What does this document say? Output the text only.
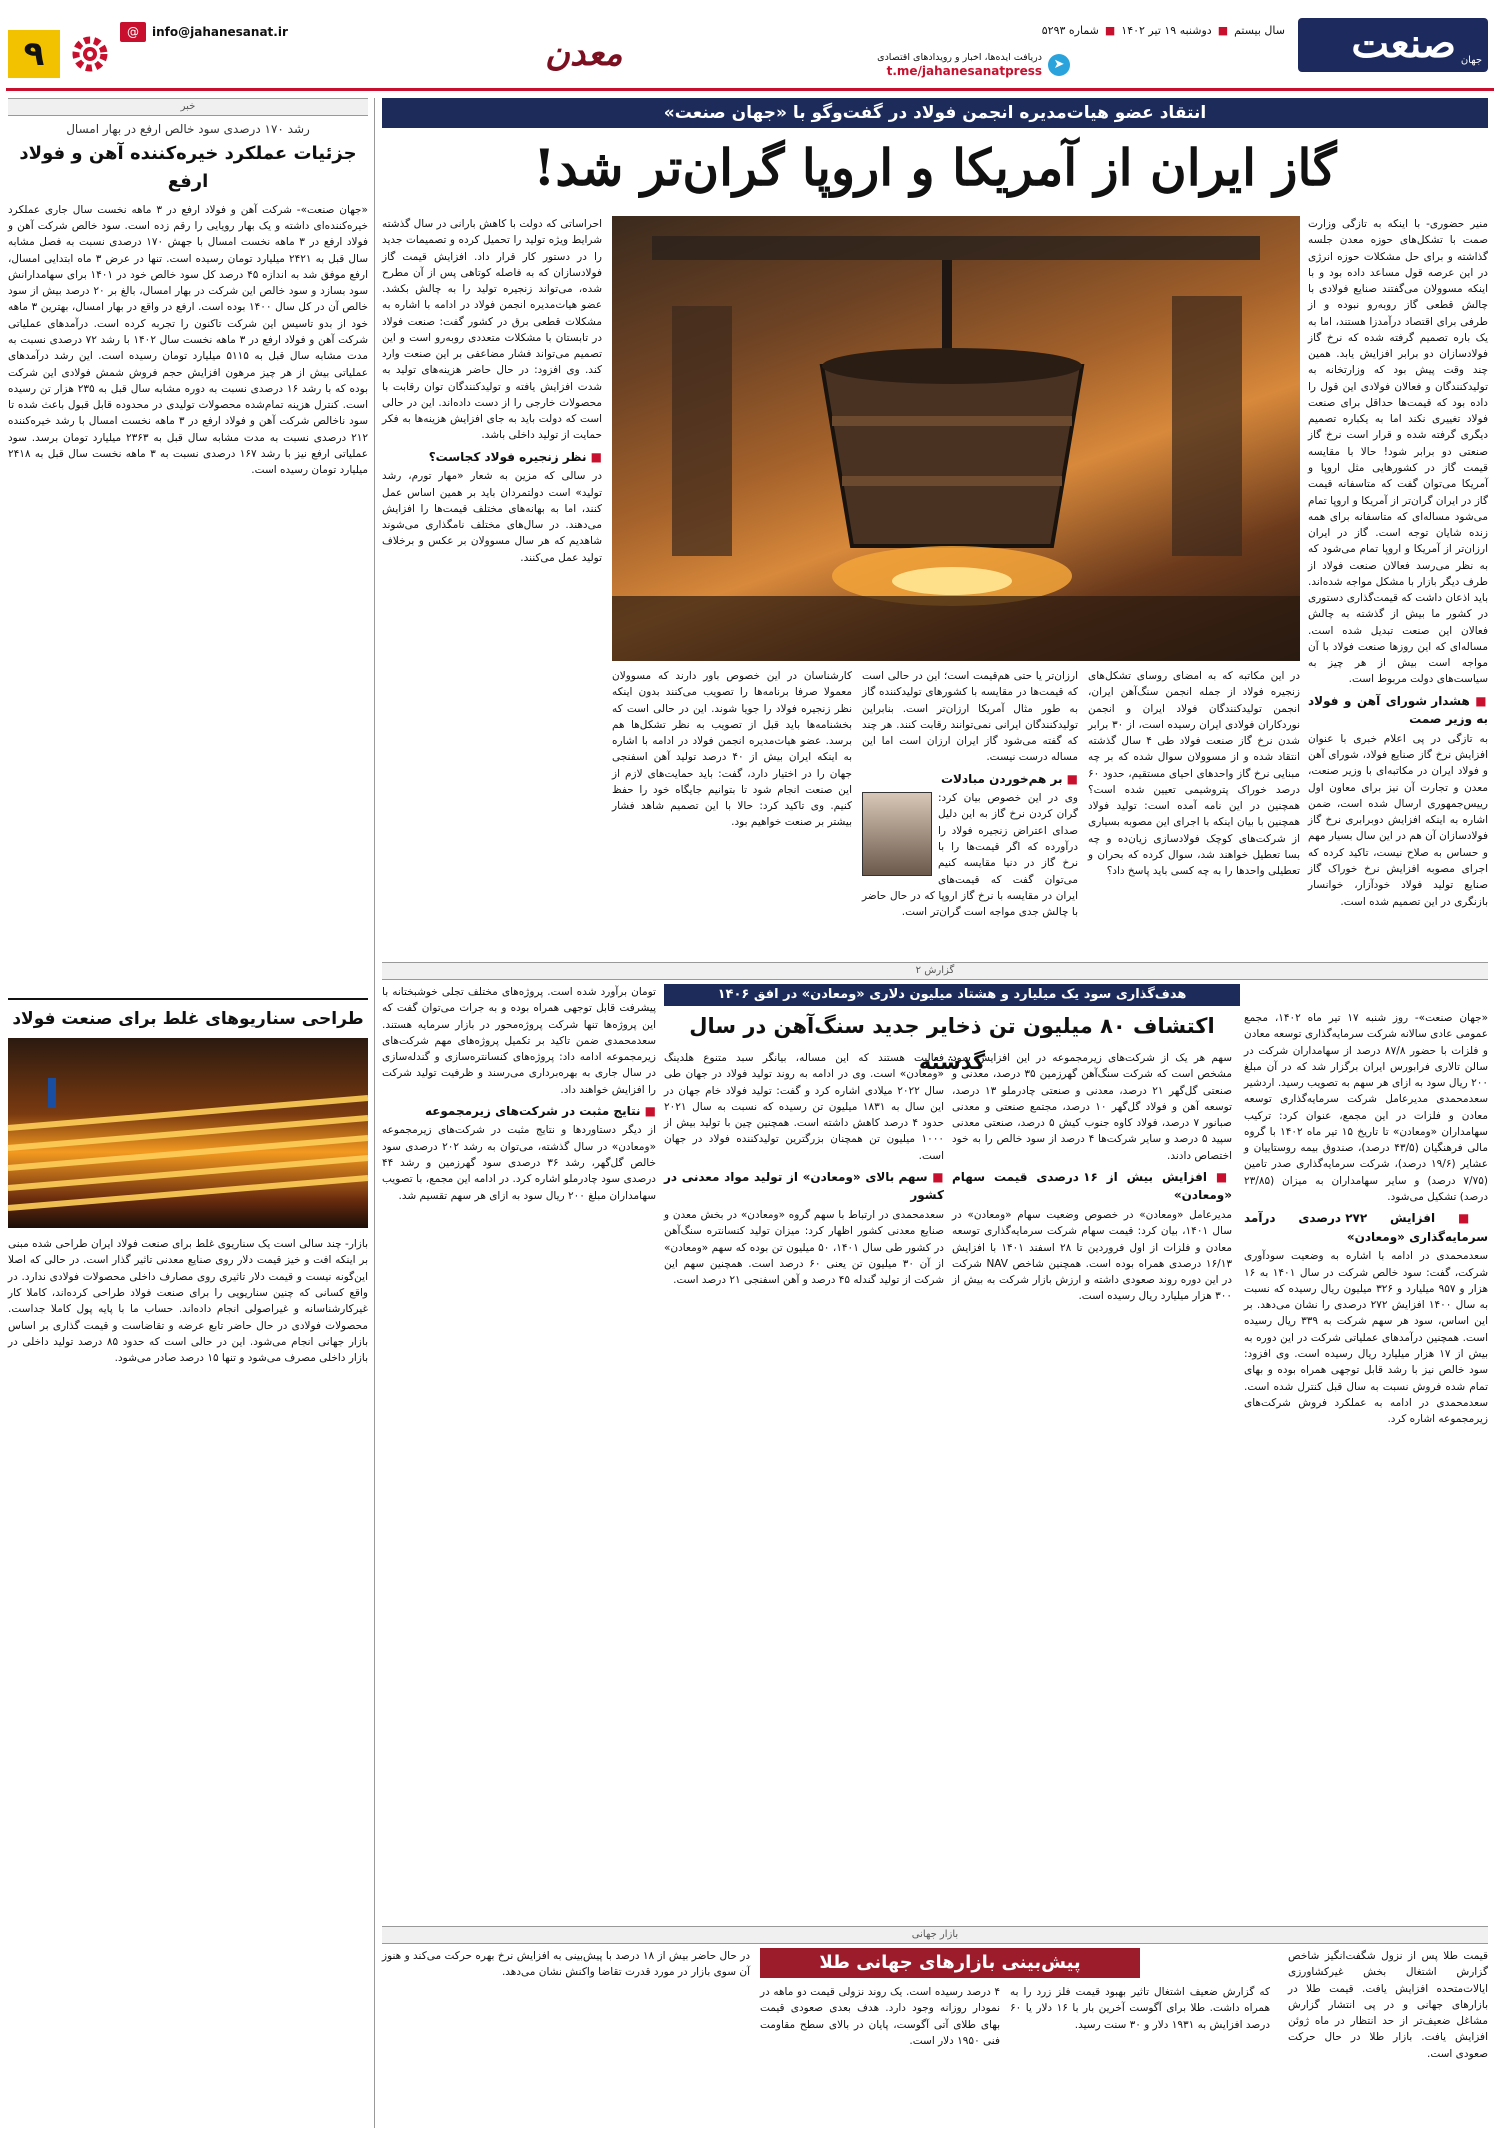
صنعت جهان
سال بیستم
■
دوشنبه ۱۹ تیر ۱۴۰۲
■
شماره ۵۲۹۳
➤
دریافت ایده‌ها، اخبار و رویدادهای اقتصادی
t.me/jahanesanatpress
معدن
info@jahanesanat.ir
@
۹
انتقاد عضو هیات‌مدیره انجمن فولاد در گفت‌وگو با «جهان صنعت»
گاز ایران از آمریکا و اروپا گران‌تر شد!

منیر حضوری- با اینکه به تازگی وزارت صمت با تشکل‌های حوزه معدن جلسه گذاشته و برای حل مشکلات حوزه انرژی در این عرصه قول مساعد داده بود و با اینکه مسوولان می‌گفتند صنایع فولادی با چالش قطعی گاز روبه‌رو نبوده و از طرفی برای اقتصاد درآمدزا هستند، اما به یک باره تصمیم گرفته شده که نرخ گاز فولادسازان دو برابر افزایش یابد. همین چند وقت پیش بود که وزارتخانه به تولیدکنندگان و فعالان فولادی این قول را داده بود که قیمت‌ها حداقل برای صنعت فولاد تغییری نکند اما به یکباره تصمیم دیگری گرفته شده و قرار است نرخ گاز صنعتی دو برابر شود! حالا با مقایسه قیمت گاز در کشورهایی مثل اروپا و آمریکا می‌توان گفت که متاسفانه قیمت گاز در ایران گران‌تر از آمریکا و اروپا تمام می‌شود مساله‌ای که متاسفانه برای همه زنده شایان توجه است. گاز در ایران ارزان‌تر از آمریکا و اروپا تمام می‌شود که به نظر می‌رسد فعالان صنعت فولاد از طرف دیگر بازار با مشکل مواجه شده‌اند. باید اذعان داشت که قیمت‌گذاری دستوری در کشور ما بیش از گذشته به چالش فعالان این صنعت تبدیل شده است. مساله‌ای که این روزها صنعت فولاد با آن مواجه است بیش از هر چیز به سیاست‌های دولت مربوط است.

■ هشدار شورای آهن و فولاد به وزیر صمت

به تازگی در پی اعلام خبری با عنوان افزایش نرخ گاز صنایع فولاد، شورای آهن و فولاد ایران در مکاتبه‌ای با وزیر صنعت، معدن و تجارت آن نیز برای معاون اول رییس‌جمهوری ارسال شده است، ضمن اشاره به اینکه افزایش دوبرابری نرخ گاز فولادسازان آن هم در این سال بسیار مهم و حساس به صلاح نیست، تاکید کرده که اجرای مصوبه افزایش نرخ خوراک گاز صنایع تولید فولاد خودآزار، خوانسار بازنگری در این تصمیم شده است.

احراساتی که دولت با کاهش بارانی در سال گذشته شرایط ویژه تولید را تحمیل کرده و تصمیمات جدید را در دستور کار قرار داد. افزایش قیمت گاز فولادسازان که به فاصله کوتاهی پس از آن مطرح شده، می‌تواند زنجیره تولید را به چالش بکشد. عضو هیات‌مدیره انجمن فولاد در ادامه با اشاره به مشکلات قطعی برق در کشور گفت: صنعت فولاد در تابستان با مشکلات متعددی روبه‌رو است و این تصمیم می‌تواند فشار مضاعفی بر این صنعت وارد کند. وی افزود: در حال حاضر هزینه‌های تولید به شدت افزایش یافته و تولیدکنندگان توان رقابت با محصولات خارجی را از دست داده‌اند. این در حالی است که دولت باید به جای افزایش هزینه‌ها به فکر حمایت از تولید داخلی باشد.

■ نظر زنجیره فولاد کجاست؟

در سالی که مزین به شعار «مهار تورم، رشد تولید» است دولتمردان باید بر همین اساس عمل کنند، اما به بهانه‌های مختلف قیمت‌ها را افزایش می‌دهند. در سال‌های مختلف نامگذاری می‌شوند شاهدیم که هر سال مسوولان بر عکس و برخلاف تولید عمل می‌کنند.

در این مکاتبه که به امضای روسای تشکل‌های زنجیره فولاد از جمله انجمن سنگ‌آهن ایران، انجمن تولیدکنندگان فولاد ایران و انجمن نوردکاران فولادی ایران رسیده است، از ۳۰ برابر شدن نرخ گاز صنعت فولاد طی ۴ سال گذشته انتقاد شده و از مسوولان سوال شده که بر چه مبنایی نرخ گاز واحدهای احیای مستقیم، حدود ۶۰ درصد خوراک پتروشیمی تعیین شده است؟ همچنین در این نامه آمده است: تولید فولاد همچنین با بیان اینکه با اجرای این مصوبه بسیاری از شرکت‌های کوچک فولادسازی زیان‌ده و چه بسا تعطیل خواهند شد، سوال کرده که بحران و تعطیلی واحدها را به چه کسی باید پاسخ داد؟

ارزان‌تر یا حتی هم‌قیمت است؛ این در حالی است که قیمت‌ها در مقایسه با کشورهای تولیدکننده گاز به طور مثال آمریکا ارزان‌تر است. بنابراین تولیدکنندگان ایرانی نمی‌توانند رقابت کنند. هر چند که گفته می‌شود گاز ایران ارزان است اما این مساله درست نیست.

■ بر هم‌خوردن مبادلات

وی در این خصوص بیان کرد: گران کردن نرخ گاز به این دلیل صدای اعتراض زنجیره فولاد را درآورده که اگر قیمت‌ها را با نرخ گاز در دنیا مقایسه کنیم می‌توان گفت که قیمت‌های ایران در مقایسه با نرخ گاز اروپا که در حال حاضر با چالش جدی مواجه است گران‌تر است.

کارشناسان در این خصوص باور دارند که مسوولان معمولا صرفا برنامه‌ها را تصویب می‌کنند بدون اینکه نظر زنجیره فولاد را جویا شوند. این در حالی است که بخشنامه‌ها باید قبل از تصویب به نظر تشکل‌ها هم برسد. عضو هیات‌مدیره انجمن فولاد در ادامه با اشاره به اینکه ایران بیش از ۴۰ درصد تولید آهن اسفنجی جهان را در اختیار دارد، گفت: باید حمایت‌های لازم از این صنعت انجام شود تا بتوانیم جایگاه خود را حفظ کنیم. وی تاکید کرد: حالا با این تصمیم شاهد فشار بیشتر بر صنعت خواهیم بود.

خبر
رشد ۱۷۰ درصدی سود خالص ارفع در بهار امسال
جزئیات عملکرد خیره‌کننده آهن و فولاد ارفع

«جهان صنعت»- شرکت آهن و فولاد ارفع در ۳ ماهه نخست سال جاری عملکرد خیره‌کننده‌ای داشته و یک بهار رویایی را رقم زده است. سود خالص شرکت آهن و فولاد ارفع در ۳ ماهه نخست امسال با جهش ۱۷۰ درصدی نسبت به فصل مشابه سال قبل به ۲۴۲۱ میلیارد تومان رسیده است. تنها در عرض ۳ ماه ابتدایی امسال، ارفع موفق شد به اندازه ۴۵ درصد کل سود خالص خود در ۱۴۰۱ برای سهامدارانش سود بسازد و سود خالص این شرکت در بهار امسال، بالغ بر ۲۰ درصد بیش از سود خالص آن در کل سال ۱۴۰۰ بوده است. ارفع در واقع در بهار امسال، بهترین ۳ ماهه خود از بدو تاسیس این شرکت تاکنون را تجربه کرده است. درآمدهای عملیاتی شرکت آهن و فولاد ارفع در ۳ ماهه نخست سال ۱۴۰۲ با رشد ۷۲ درصدی نسبت به مدت مشابه سال قبل به ۵۱۱۵ میلیارد تومان رسیده است. این رشد درآمدهای عملیاتی بیش از هر چیز مرهون افزایش حجم فروش شمش فولادی این شرکت بوده که با رشد ۱۶ درصدی نسبت به دوره مشابه سال قبل به ۲۳۵ هزار تن رسیده است. کنترل هزینه تمام‌شده محصولات تولیدی در محدوده قابل قبول باعث شده تا سود ناخالص شرکت آهن و فولاد ارفع در ۳ ماهه نخست امسال با رشد خیره‌کننده ۲۱۲ درصدی نسبت به مدت مشابه سال قبل به ۲۳۶۳ میلیارد تومان برسد. سود عملیاتی ارفع نیز با رشد ۱۶۷ درصدی نسبت به ۳ ماهه نخست سال قبل به ۲۴۱۸ میلیارد تومان رسیده است.

طراحی سناریوهای غلط برای صنعت فولاد

بازار- چند سالی است یک سناریوی غلط برای صنعت فولاد ایران طراحی شده مبنی بر اینکه افت و خیز قیمت دلار روی صنایع معدنی تاثیر گذار است. در حالی که اصلا این‌گونه نیست و قیمت دلار تاثیری روی مصارف داخلی محصولات فولادی ندارد. در واقع کسانی که چنین سناریویی را برای صنعت فولاد طراحی کرده‌اند، کاملا کار غیرکارشناسانه و غیراصولی انجام داده‌اند. حساب ما با پایه پول کاملا جداست. محصولات فولادی در حال حاضر تابع عرضه و تقاضاست و قیمت گذاری بر اساس بازار جهانی انجام می‌شود. این در حالی است که حدود ۸۵ درصد تولید داخلی در بازار داخلی مصرف می‌شود و تنها ۱۵ درصد صادر می‌شود.

گزارش ۲
هدف‌گذاری سود یک میلیارد و هشتاد میلیون دلاری «ومعادن» در افق ۱۴۰۶
اکتشاف ۸۰ میلیون تن ذخایر جدید سنگ‌آهن در سال گذشته

«جهان صنعت»- روز شنبه ۱۷ تیر ماه ۱۴۰۲، مجمع عمومی عادی سالانه شرکت سرمایه‌گذاری توسعه معادن و فلزات با حضور ۸۷/۸ درصد از سهامداران شرکت در سالن تالاری فرابورس ایران برگزار شد که در آن مبلغ ۲۰۰ ریال سود به ازای هر سهم به تصویب رسید. اردشیر سعدمحمدی مدیرعامل شرکت سرمایه‌گذاری توسعه معادن و فلزات در این مجمع، عنوان کرد: ترکیب سهامداران «ومعادن» تا تاریخ ۱۵ تیر ماه ۱۴۰۲ با گروه مالی فرهنگیان (۴۳/۵ درصد)، صندوق بیمه روستاییان و عشایر (۱۹/۶ درصد)، شرکت سرمایه‌گذاری صدر تامین (۷/۷۵ درصد) و سایر سهامداران به میزان (۲۳/۸۵ درصد) تشکیل می‌شود.

■ افزایش ۲۷۲ درصدی درآمد سرمایه‌گذاری «ومعادن»

سعدمحمدی در ادامه با اشاره به وضعیت سودآوری شرکت، گفت: سود خالص شرکت در سال ۱۴۰۱ به ۱۶ هزار و ۹۵۷ میلیارد و ۳۲۶ میلیون ریال رسیده که نسبت به سال ۱۴۰۰ افزایش ۲۷۲ درصدی را نشان می‌دهد. بر این اساس، سود هر سهم شرکت به ۳۳۹ ریال رسیده است. همچنین درآمدهای عملیاتی شرکت در این دوره به بیش از ۱۷ هزار میلیارد ریال رسیده است. وی افزود: سود خالص نیز با رشد قابل توجهی همراه بوده و بهای تمام شده فروش نسبت به سال قبل کنترل شده است. سعدمحمدی در ادامه به عملکرد فروش شرکت‌های زیرمجموعه اشاره کرد.

سهم هر یک از شرکت‌های زیرمجموعه در این افزایش سود مشخص است که شرکت سنگ‌آهن گهرزمین ۳۵ درصد، معدنی و صنعتی گل‌گهر ۲۱ درصد، معدنی و صنعتی چادرملو ۱۳ درصد، توسعه آهن و فولاد گل‌گهر ۱۰ درصد، مجتمع صنعتی و معدنی صبانور ۷ درصد، فولاد کاوه جنوب کیش ۵ درصد، صنعتی معدنی سپید ۵ درصد و سایر شرکت‌ها ۴ درصد از سود خالص را به خود اختصاص دادند.

■ افزایش بیش از ۱۶ درصدی قیمت سهام «ومعادن»

مدیرعامل «ومعادن» در خصوص وضعیت سهام «ومعادن» در سال ۱۴۰۱، بیان کرد: قیمت سهام شرکت سرمایه‌گذاری توسعه معادن و فلزات از اول فروردین تا ۲۸ اسفند ۱۴۰۱ با افزایش ۱۶/۱۳ درصدی همراه بوده است. همچنین شاخص NAV شرکت در این دوره روند صعودی داشته و ارزش بازار شرکت به بیش از ۳۰۰ هزار میلیارد ریال رسیده است.

فعالیت هستند که این مساله، بیانگر سبد متنوع هلدینگ «ومعادن» است. وی در ادامه به روند تولید فولاد در جهان طی سال ۲۰۲۲ میلادی اشاره کرد و گفت: تولید فولاد خام جهان در این سال به ۱۸۳۱ میلیون تن رسیده که نسبت به سال ۲۰۲۱ حدود ۴ درصد کاهش داشته است. همچنین چین با تولید بیش از ۱۰۰۰ میلیون تن همچنان بزرگترین تولیدکننده فولاد در جهان است.

■ سهم بالای «ومعادن» از تولید مواد معدنی در کشور

سعدمحمدی در ارتباط با سهم گروه «ومعادن» در بخش معدن و صنایع معدنی کشور اظهار کرد: میزان تولید کنسانتره سنگ‌آهن در کشور طی سال ۱۴۰۱، ۵۰ میلیون تن بوده که سهم «ومعادن» از آن ۳۰ میلیون تن یعنی ۶۰ درصد است. همچنین سهم این شرکت از تولید گندله ۴۵ درصد و آهن اسفنجی ۲۱ درصد است.

تومان برآورد شده است. پروژه‌های مختلف تجلی خوشبختانه با پیشرفت قابل توجهی همراه بوده و به جرات می‌توان گفت که این پروژه‌ها تنها شرکت پروژه‌محور در بازار سرمایه هستند. سعدمحمدی ضمن تاکید بر تکمیل پروژه‌های مهم شرکت‌های زیرمجموعه ادامه داد: پروژه‌های کنسانتره‌سازی و گندله‌سازی در سال جاری به بهره‌برداری می‌رسند و ظرفیت تولید شرکت را افزایش خواهند داد.

■ نتایج مثبت در شرکت‌های زیرمجموعه

از دیگر دستاوردها و نتایج مثبت در شرکت‌های زیرمجموعه «ومعادن» در سال گذشته، می‌توان به رشد ۲۰۲ درصدی سود خالص گل‌گهر، رشد ۳۶ درصدی سود گهرزمین و رشد ۴۴ درصدی سود چادرملو اشاره کرد. در ادامه این مجمع، با تصویب سهامداران مبلغ ۲۰۰ ریال سود به ازای هر سهم تقسیم شد.

بازار جهانی
پیش‌بینی بازارهای جهانی طلا	قیمت طلا پس از نزول شگفت‌انگیز شاخص گزارش اشتغال بخش غیرکشاورزی ایالات‌متحده افزایش یافت. قیمت طلا در بازارهای جهانی و در پی انتشار گزارش مشاغل ضعیف‌تر از حد انتظار در ماه ژوئن افزایش یافت. بازار طلا در حال حرکت صعودی است.

که گزارش ضعیف اشتغال تاثیر بهبود قیمت فلز زرد را به همراه داشت. طلا برای آگوست آخرین بار با ۱۶ دلار یا ۶۰ درصد افزایش به ۱۹۳۱ دلار و ۳۰ سنت رسید.

۴ درصد رسیده است. یک روند نزولی قیمت دو ماهه در نمودار روزانه وجود دارد. هدف بعدی صعودی قیمت بهای طلای آتی آگوست، پایان در بالای سطح مقاومت فنی ۱۹۵۰ دلار است.

در حال حاضر بیش از ۱۸ درصد با پیش‌بینی به افزایش نرخ بهره حرکت می‌کند و هنوز آن سوی بازار در مورد قدرت تقاضا واکنش نشان می‌دهد.
